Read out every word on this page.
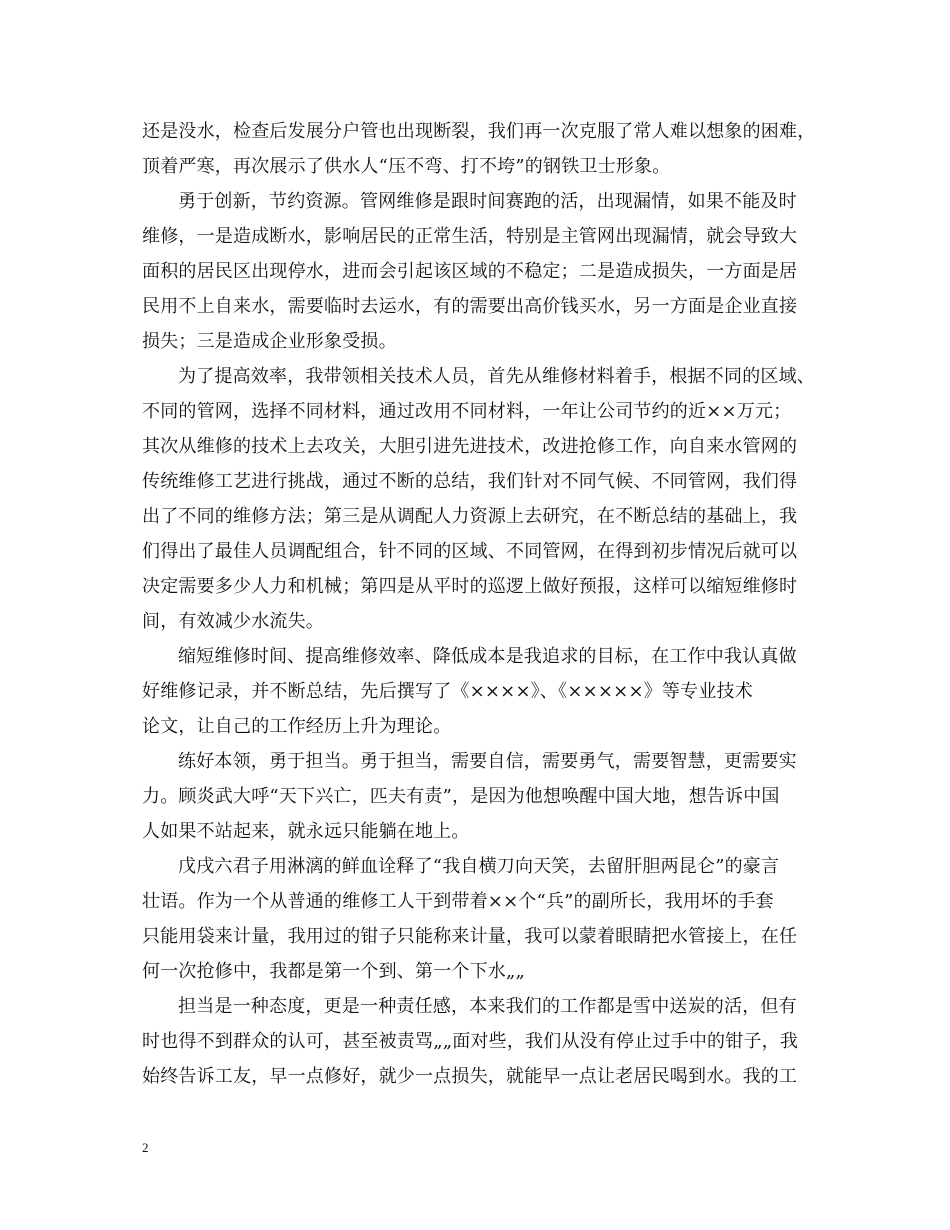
还是没水，检查后发展分户管也出现断裂，我们再一次克服了常人难以想象的困难，
顶着严寒，再次展示了供水人“压不弯、打不垮”的钢铁卫士形象。
勇于创新，节约资源。管网维修是跟时间赛跑的活，出现漏情，如果不能及时
维修，一是造成断水，影响居民的正常生活，特别是主管网出现漏情，就会导致大
面积的居民区出现停水，进而会引起该区域的不稳定；二是造成损失，一方面是居
民用不上自来水，需要临时去运水，有的需要出高价钱买水，另一方面是企业直接
损失；三是造成企业形象受损。
为了提高效率，我带领相关技术人员，首先从维修材料着手，根据不同的区域、
不同的管网，选择不同材料，通过改用不同材料，一年让公司节约的近××万元；
其次从维修的技术上去攻关，大胆引进先进技术，改进抢修工作，向自来水管网的
传统维修工艺进行挑战，通过不断的总结，我们针对不同气候、不同管网，我们得
出了不同的维修方法；第三是从调配人力资源上去研究，在不断总结的基础上，我
们得出了最佳人员调配组合，针不同的区域、不同管网，在得到初步情况后就可以
决定需要多少人力和机械；第四是从平时的巡逻上做好预报，这样可以缩短维修时
间，有效减少水流失。
缩短维修时间、提高维修效率、降低成本是我追求的目标，在工作中我认真做
好维修记录，并不断总结，先后撰写了《××××》、《×××××》等专业技术
论文，让自己的工作经历上升为理论。
练好本领，勇于担当。勇于担当，需要自信，需要勇气，需要智慧，更需要实
力。顾炎武大呼“天下兴亡，匹夫有责”，是因为他想唤醒中国大地，想告诉中国
人如果不站起来，就永远只能躺在地上。
戊戌六君子用淋漓的鲜血诠释了“我自横刀向天笑，去留肝胆两昆仑”的豪言
壮语。作为一个从普通的维修工人干到带着××个“兵”的副所长，我用坏的手套
只能用袋来计量，我用过的钳子只能称来计量，我可以蒙着眼睛把水管接上，在任
何一次抢修中，我都是第一个到、第一个下水„„
担当是一种态度，更是一种责任感，本来我们的工作都是雪中送炭的活，但有
时也得不到群众的认可，甚至被责骂„„面对些，我们从没有停止过手中的钳子，我
始终告诉工友，早一点修好，就少一点损失，就能早一点让老居民喝到水。我的工
2
